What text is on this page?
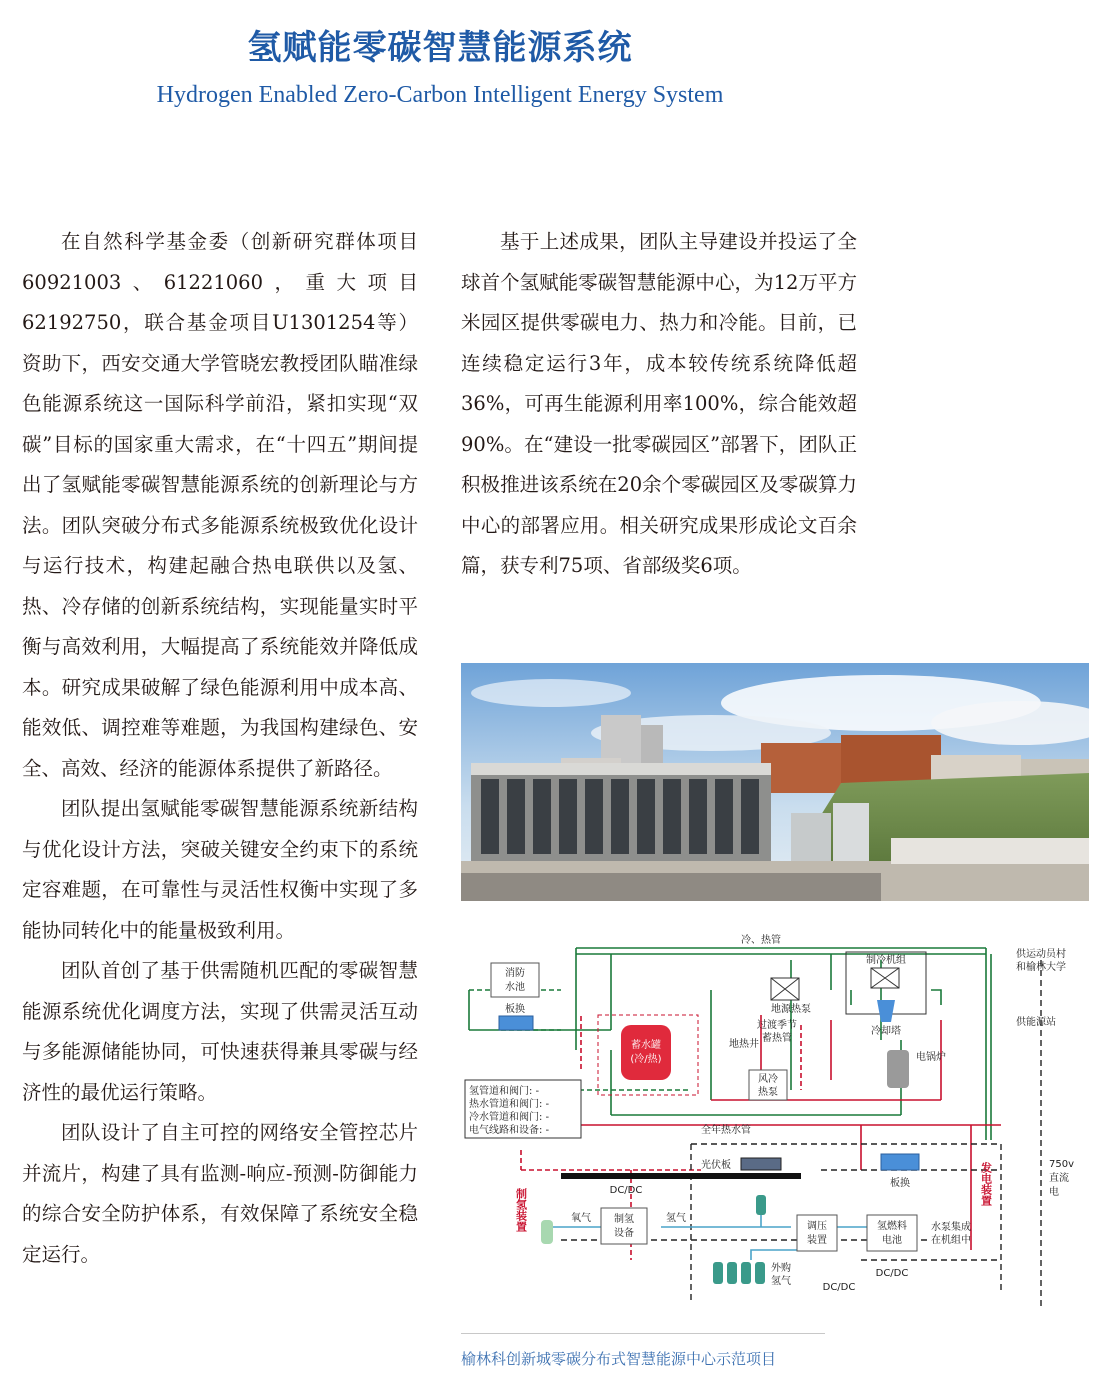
氢赋能零碳智慧能源系统
Hydrogen Enabled Zero-Carbon Intelligent Energy System

在自然科学基金委（创新研究群体项目60921003、61221060，重大项目62192750，联合基金项目U1301254等）资助下，西安交通大学管晓宏教授团队瞄准绿色能源系统这一国际科学前沿，紧扣实现“双碳”目标的国家重大需求，在“十四五”期间提出了氢赋能零碳智慧能源系统的创新理论与方法。团队突破分布式多能源系统极致优化设计与运行技术，构建起融合热电联供以及氢、热、冷存储的创新系统结构，实现能量实时平衡与高效利用，大幅提高了系统能效并降低成本。研究成果破解了绿色能源利用中成本高、能效低、调控难等难题，为我国构建绿色、安全、高效、经济的能源体系提供了新路径。

团队提出氢赋能零碳智慧能源系统新结构与优化设计方法，突破关键安全约束下的系统定容难题，在可靠性与灵活性权衡中实现了多能协同转化中的能量极致利用。

团队首创了基于供需随机匹配的零碳智慧能源系统优化调度方法，实现了供需灵活互动与多能源储能协同，可快速获得兼具零碳与经济性的最优运行策略。

团队设计了自主可控的网络安全管控芯片并流片，构建了具有监测-响应-预测-防御能力的综合安全防护体系，有效保障了系统安全稳定运行。

基于上述成果，团队主导建设并投运了全球首个氢赋能零碳智慧能源中心，为12万平方米园区提供零碳电力、热力和冷能。目前，已连续稳定运行3年，成本较传统系统降低超36%，可再生能源利用率100%，综合能效超90%。在“建设一批零碳园区”部署下，团队正积极推进该系统在20余个零碳园区及零碳算力中心的部署应用。相关研究成果形成论文百余篇，获专利75项、省部级奖6项。

消防
水池
板换	地源热泵
制冷机组
冷却塔
蓄水罐
(冷/热)
过渡季节
蓄热管
地热井
风冷
热泵
电锅炉
冷、热管
供运动员村
和榆林大学
供能源站
氢管道和阀门: -
热水管道和阀门: -
冷水管道和阀门: -
电气线路和设备: -	全年热水管
光伏板
DC/DC
制氢
设备
氧气	氢气
调压
装置
氢燃料
电池
DC/DC
水泵集成
在机组中
板换
外购
氢气
DC/DC
制氢装置
发电装置	750v
直流
电
榆林科创新城零碳分布式智慧能源中心示范项目
